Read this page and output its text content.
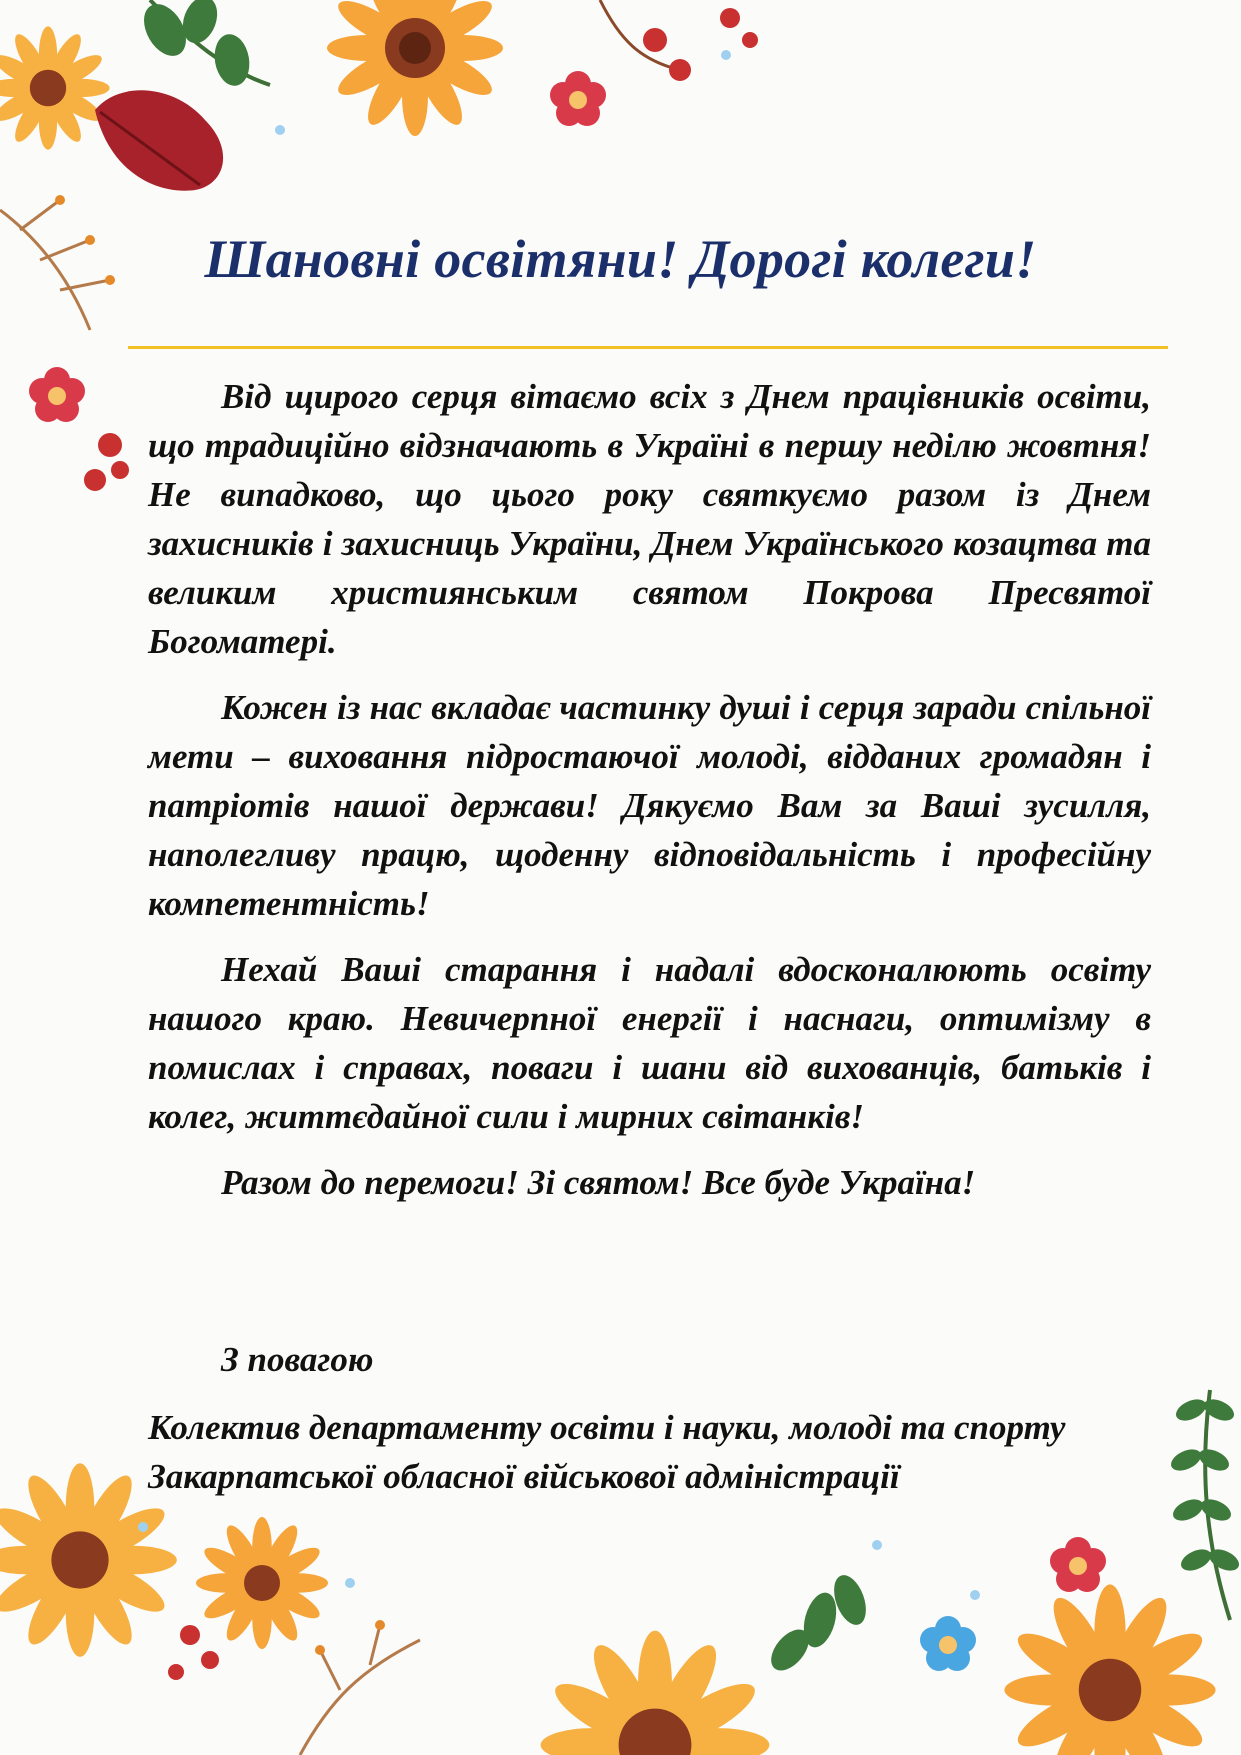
Шановні освітяни! Дорогі колеги!

Від щирого серця вітаємо всіх з Днем працівників освіти, що традиційно відзначають в Україні в першу неділю жовтня! Не випадково, що цього року святкуємо разом із Днем захисників і захисниць України, Днем Українського козацтва та великим християнським святом Покрова Пресвятої Богоматері.

Кожен із нас вкладає частинку душі і серця заради спільної мети – виховання підростаючої молоді, відданих громадян і патріотів нашої держави! Дякуємо Вам за Ваші зусилля, наполегливу працю, щоденну відповідальність і професійну компетентність!

Нехай Ваші старання і надалі вдосконалюють освіту нашого краю. Невичерпної енергії і наснаги, оптимізму в помислах і справах, поваги і шани від вихованців, батьків і колег, життєдайної сили і мирних світанків!

Разом до перемоги! Зі святом! Все буде Україна!

З повагою
Колектив департаменту освіти і науки, молоді та спорту
Закарпатської обласної військової адміністрації
